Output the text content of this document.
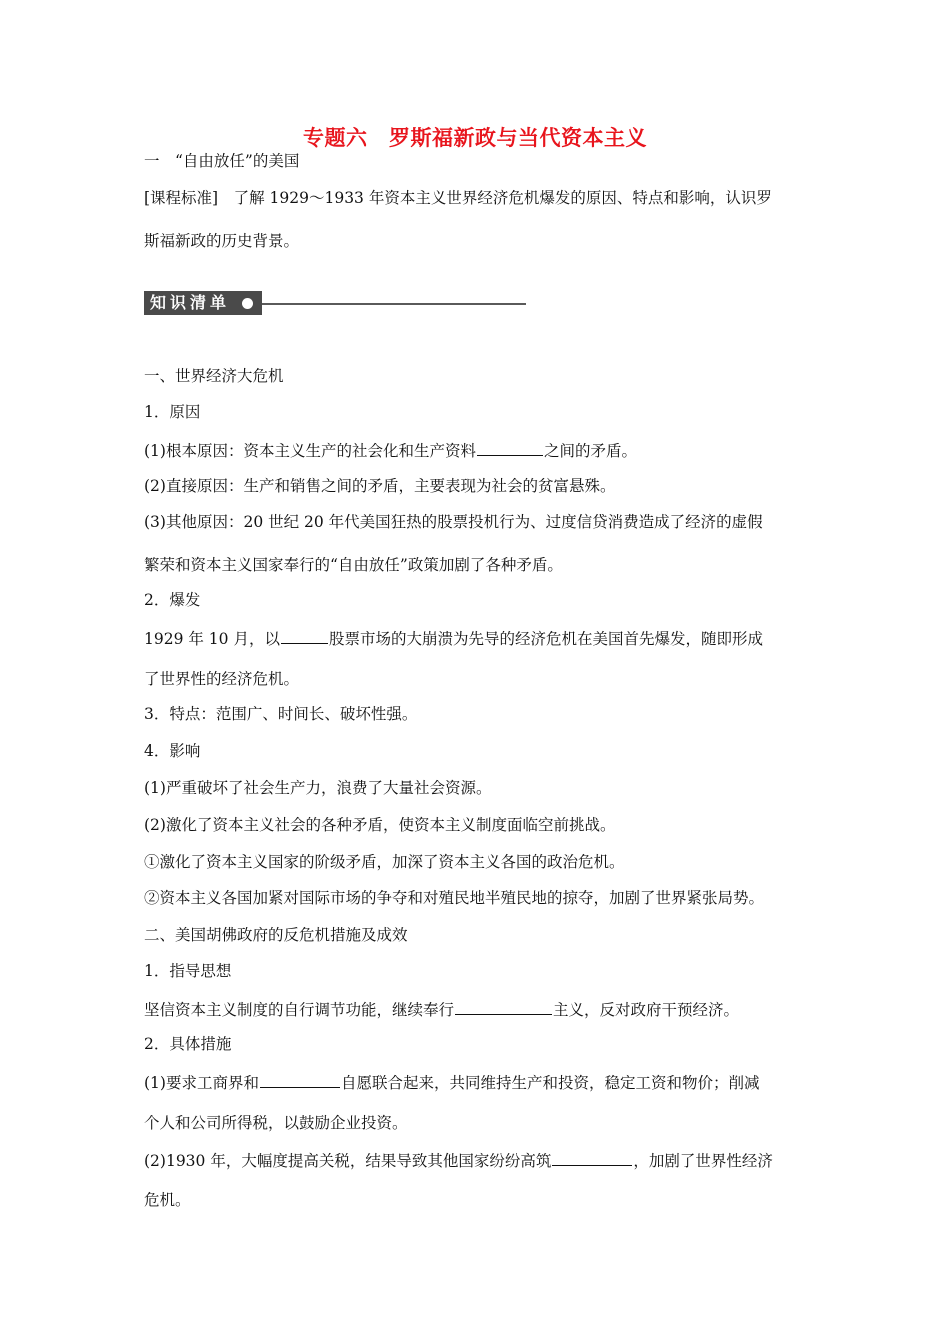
专题六　罗斯福新政与当代资本主义
一　“自由放任”的美国
[课程标准]　了解 1929～1933 年资本主义世界经济危机爆发的原因、特点和影响，认识罗
斯福新政的历史背景。
知识清单
一、世界经济大危机
1．原因
(1)根本原因：资本主义生产的社会化和生产资料	之间的矛盾。
(2)直接原因：生产和销售之间的矛盾，主要表现为社会的贫富悬殊。
(3)其他原因：20 世纪 20 年代美国狂热的股票投机行为、过度信贷消费造成了经济的虚假
繁荣和资本主义国家奉行的“自由放任”政策加剧了各种矛盾。
2．爆发
1929 年 10 月，以	股票市场的大崩溃为先导的经济危机在美国首先爆发，随即形成
了世界性的经济危机。
3．特点：范围广、时间长、破坏性强。
4．影响
(1)严重破坏了社会生产力，浪费了大量社会资源。
(2)激化了资本主义社会的各种矛盾，使资本主义制度面临空前挑战。
①激化了资本主义国家的阶级矛盾，加深了资本主义各国的政治危机。
②资本主义各国加紧对国际市场的争夺和对殖民地半殖民地的掠夺，加剧了世界紧张局势。
二、美国胡佛政府的反危机措施及成效
1．指导思想
坚信资本主义制度的自行调节功能，继续奉行	主义，反对政府干预经济。
2．具体措施
(1)要求工商界和	自愿联合起来，共同维持生产和投资，稳定工资和物价；削减
个人和公司所得税，以鼓励企业投资。
(2)1930 年，大幅度提高关税，结果导致其他国家纷纷高筑	，加剧了世界性经济
危机。
